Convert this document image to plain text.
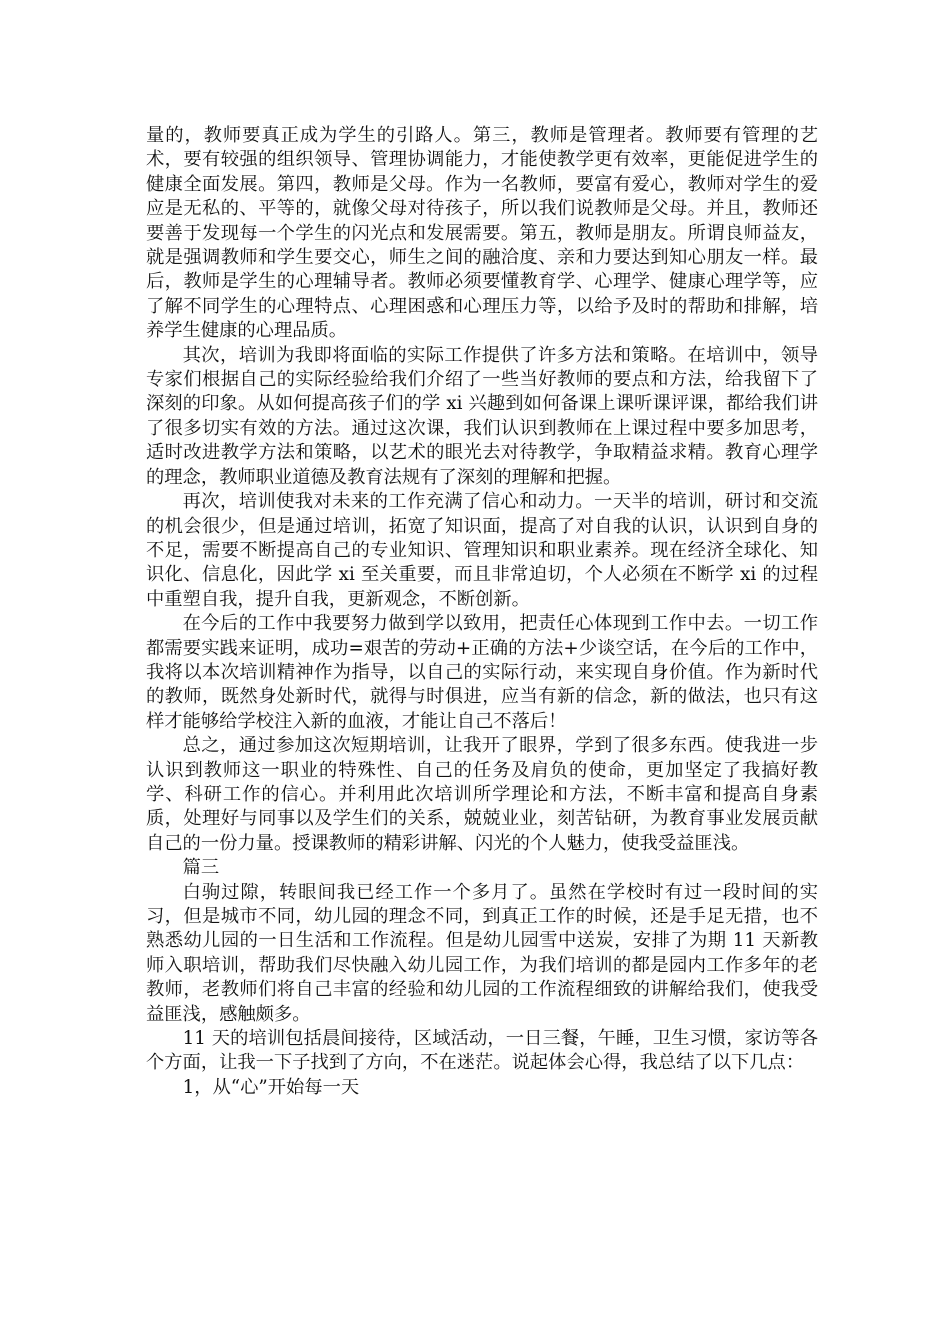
量的，教师要真正成为学生的引路人。第三，教师是管理者。教师要有管理的艺术，要有较强的组织领导、管理协调能力，才能使教学更有效率，更能促进学生的健康全面发展。第四，教师是父母。作为一名教师，要富有爱心，教师对学生的爱应是无私的、平等的，就像父母对待孩子，所以我们说教师是父母。并且，教师还要善于发现每一个学生的闪光点和发展需要。第五，教师是朋友。所谓良师益友，就是强调教师和学生要交心，师生之间的融洽度、亲和力要达到知心朋友一样。最后，教师是学生的心理辅导者。教师必须要懂教育学、心理学、健康心理学等，应了解不同学生的心理特点、心理困惑和心理压力等，以给予及时的帮助和排解，培养学生健康的心理品质。

其次，培训为我即将面临的实际工作提供了许多方法和策略。在培训中，领导专家们根据自己的实际经验给我们介绍了一些当好教师的要点和方法，给我留下了深刻的印象。从如何提高孩子们的学 xi 兴趣到如何备课上课听课评课，都给我们讲了很多切实有效的方法。通过这次课，我们认识到教师在上课过程中要多加思考，适时改进教学方法和策略，以艺术的眼光去对待教学，争取精益求精。教育心理学的理念，教师职业道德及教育法规有了深刻的理解和把握。

再次，培训使我对未来的工作充满了信心和动力。一天半的培训，研讨和交流的机会很少，但是通过培训，拓宽了知识面，提高了对自我的认识，认识到自身的不足，需要不断提高自己的专业知识、管理知识和职业素养。现在经济全球化、知识化、信息化，因此学 xi 至关重要，而且非常迫切，个人必须在不断学 xi 的过程中重塑自我，提升自我，更新观念，不断创新。

在今后的工作中我要努力做到学以致用，把责任心体现到工作中去。一切工作都需要实践来证明，成功=艰苦的劳动+正确的方法+少谈空话，在今后的工作中，我将以本次培训精神作为指导，以自己的实际行动，来实现自身价值。作为新时代的教师，既然身处新时代，就得与时俱进，应当有新的信念，新的做法，也只有这样才能够给学校注入新的血液，才能让自己不落后！

总之，通过参加这次短期培训，让我开了眼界，学到了很多东西。使我进一步认识到教师这一职业的特殊性、自己的任务及肩负的使命，更加坚定了我搞好教学、科研工作的信心。并利用此次培训所学理论和方法，不断丰富和提高自身素质，处理好与同事以及学生们的关系，兢兢业业，刻苦钻研，为教育事业发展贡献自己的一份力量。授课教师的精彩讲解、闪光的个人魅力，使我受益匪浅。

篇三

白驹过隙，转眼间我已经工作一个多月了。虽然在学校时有过一段时间的实习，但是城市不同，幼儿园的理念不同，到真正工作的时候，还是手足无措，也不熟悉幼儿园的一日生活和工作流程。但是幼儿园雪中送炭，安排了为期 11 天新教师入职培训，帮助我们尽快融入幼儿园工作，为我们培训的都是园内工作多年的老教师，老教师们将自己丰富的经验和幼儿园的工作流程细致的讲解给我们，使我受益匪浅，感触颇多。

11 天的培训包括晨间接待，区域活动，一日三餐，午睡，卫生习惯，家访等各个方面，让我一下子找到了方向，不在迷茫。说起体会心得，我总结了以下几点：

1，从“心”开始每一天
